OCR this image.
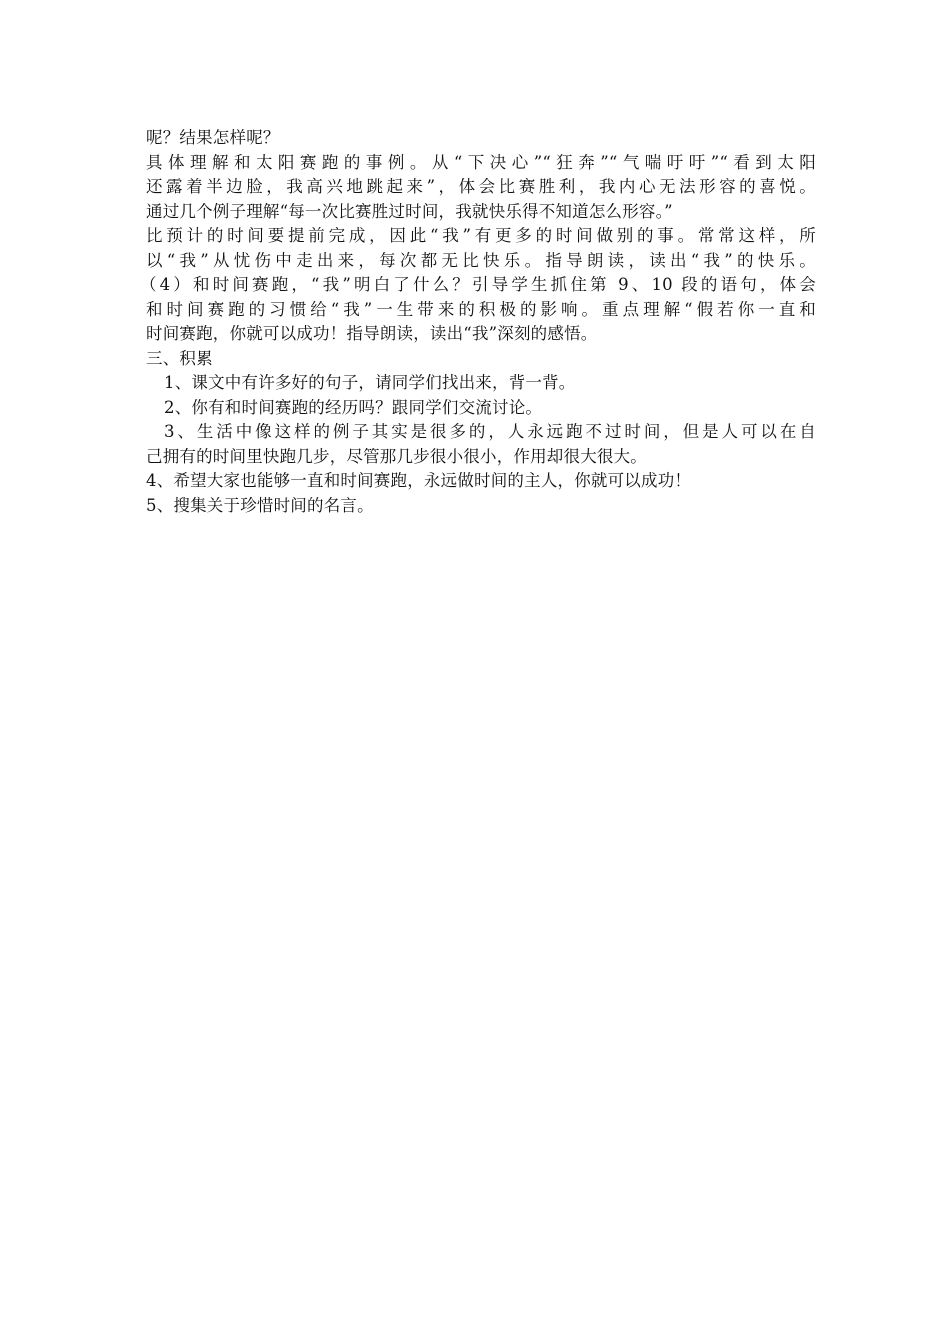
呢？结果怎样呢？
具体理解和太阳赛跑的事例。从“下决心”“狂奔”“气喘吁吁”“看到太阳
还露着半边脸，我高兴地跳起来”，体会比赛胜利，我内心无法形容的喜悦。
通过几个例子理解“每一次比赛胜过时间，我就快乐得不知道怎么形容。”
比预计的时间要提前完成，因此“我”有更多的时间做别的事。常常这样，所
以“我”从忧伤中走出来，每次都无比快乐。指导朗读，读出“我”的快乐。
（4）和时间赛跑，“我”明白了什么？引导学生抓住第 9、10 段的语句，体会
和时间赛跑的习惯给“我”一生带来的积极的影响。重点理解“假若你一直和
时间赛跑，你就可以成功！指导朗读，读出“我”深刻的感悟。
三、积累
1、课文中有许多好的句子，请同学们找出来，背一背。
2、你有和时间赛跑的经历吗？跟同学们交流讨论。
3、生活中像这样的例子其实是很多的，人永远跑不过时间，但是人可以在自
己拥有的时间里快跑几步，尽管那几步很小很小，作用却很大很大。
4、希望大家也能够一直和时间赛跑，永远做时间的主人，你就可以成功！
5、搜集关于珍惜时间的名言。
